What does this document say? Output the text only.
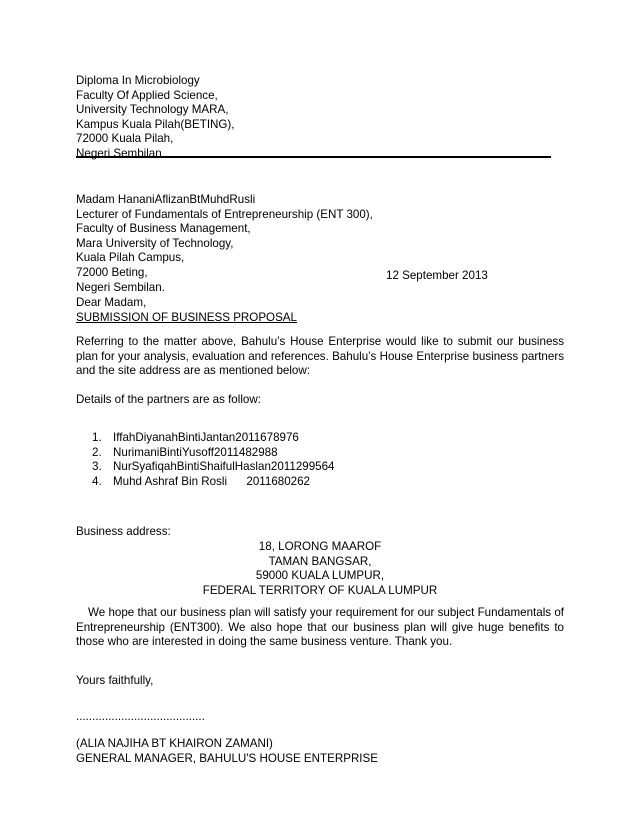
Diploma In Microbiology
Faculty Of Applied Science,
University Technology MARA,
Kampus Kuala Pilah(BETING),
72000 Kuala Pilah,
Negeri Sembilan
Madam HananiAflizanBtMuhdRusli
Lecturer of Fundamentals of Entrepreneurship (ENT 300),
Faculty of Business Management,
Mara University of Technology,
Kuala Pilah Campus,
72000 Beting,
Negeri Sembilan.
12 September 2013
Dear Madam,
SUBMISSION OF BUSINESS PROPOSAL
Referring to the matter above, Bahulu’s House Enterprise would like to submit our business plan for your analysis, evaluation and references. Bahulu’s House Enterprise business partners and the site address are as mentioned below:
Details of the partners are as follow:
1. IffahDiyanahBintiJantan2011678976
2. NurimaniBintiYusoff2011482988
3. NurSyafiqahBintiShaifulHaslan2011299564
4. Muhd Ashraf Bin Rosli      2011680262
Business address:
18, LORONG MAAROF
TAMAN BANGSAR,
59000 KUALA LUMPUR,
FEDERAL TERRITORY OF KUALA LUMPUR
We hope that our business plan will satisfy your requirement for our subject Fundamentals of Entrepreneurship (ENT300). We also hope that our business plan will give huge benefits to those who are interested in doing the same business venture. Thank you.
Yours faithfully,
........................................
(ALIA NAJIHA BT KHAIRON ZAMANI)
GENERAL MANAGER, BAHULU'S HOUSE ENTERPRISE
